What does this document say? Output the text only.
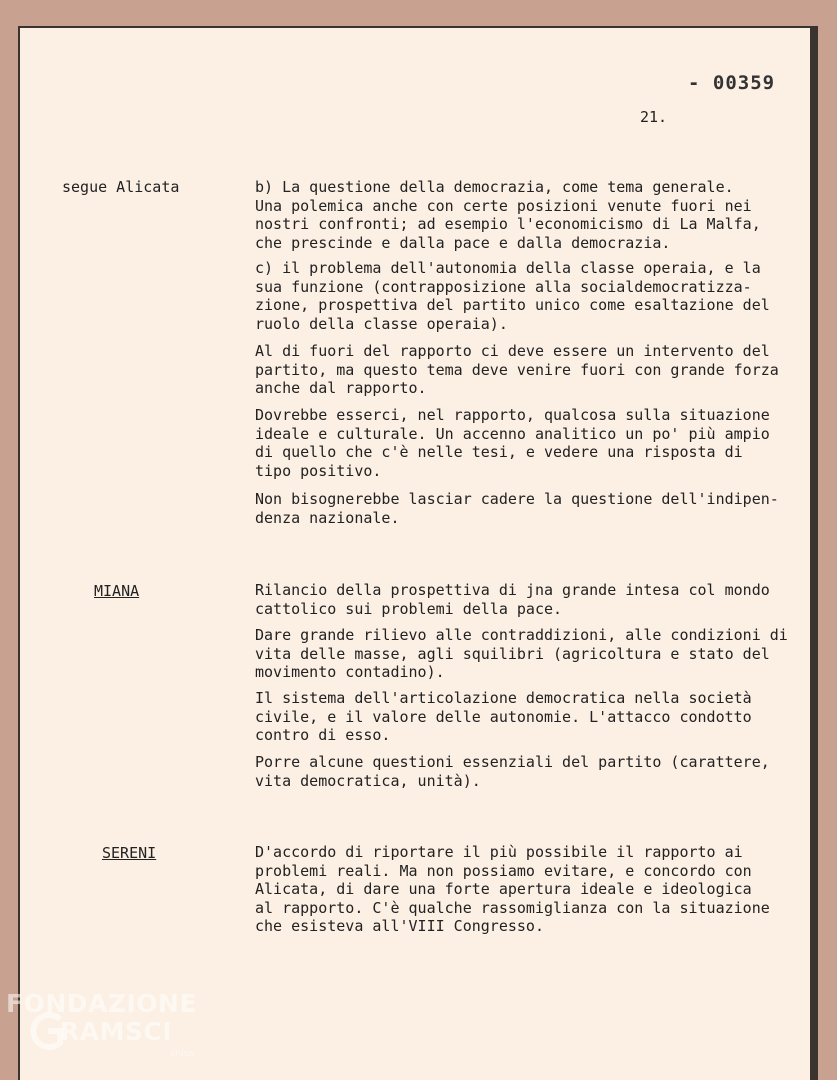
- 00359
21.
segue Alicata	b) La questione della democrazia, come tema generale.
Una polemica anche con certe posizioni venute fuori nei
nostri confronti; ad esempio l'economicismo di La Malfa,
che prescinde e dalla pace e dalla democrazia.
c) il problema dell'autonomia della classe operaia, e la
sua funzione (contrapposizione alla socialdemocratizza-
zione, prospettiva del partito unico come esaltazione del
ruolo della classe operaia).
Al di fuori del rapporto ci deve essere un intervento del
partito, ma questo tema deve venire fuori con grande forza
anche dal rapporto.
Dovrebbe esserci, nel rapporto, qualcosa sulla situazione
ideale e culturale. Un accenno analitico un po' più ampio
di quello che c'è nelle tesi, e vedere una risposta di
tipo positivo.
Non bisognerebbe lasciar cadere la questione dell'indipen-
denza nazionale.
MIANA	Rilancio della prospettiva di jna grande intesa col mondo
cattolico sui problemi della pace.
Dare grande rilievo alle contraddizioni, alle condizioni di
vita delle masse, agli squilibri (agricoltura e stato del
movimento contadino).
Il sistema dell'articolazione democratica nella società
civile, e il valore delle autonomie. L'attacco condotto
contro di esso.
Porre alcune questioni essenziali del partito (carattere,
vita democratica, unità).
SERENI	D'accordo di riportare il più possibile il rapporto ai
problemi reali. Ma non possiamo evitare, e concordo con
Alicata, di dare una forte apertura ideale e ideologica
al rapporto. C'è qualche rassomiglianza con la situazione
che esisteva all'VIII Congresso.
FONDAZIONE
RAMSCI
onlus
